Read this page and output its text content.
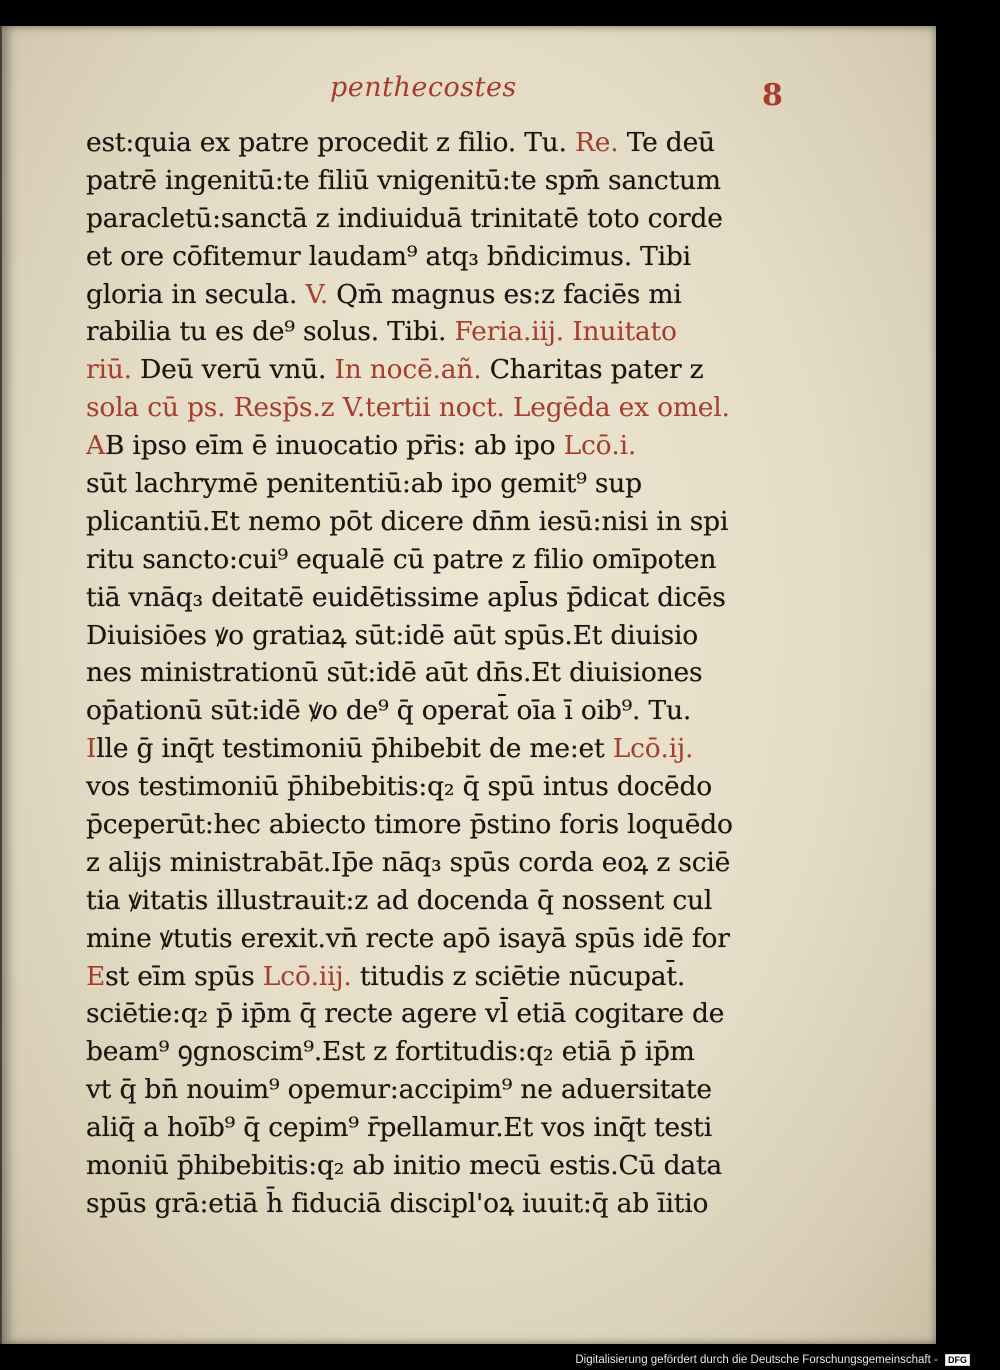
penthecostes	8
est:quia ex patre procedit z filio. Tu. Re. Te deū
patrē ingenitū:te filiū vnigenitū:te spm̄ sanctum
paracletū:sanctā z indiuiduā trinitatē toto corde
et ore cōfitemur laudam⁹ atq₃ bn̄dicimus. Tibi
gloria in secula. V. Qm̄ magnus es:z faciēs mi
rabilia tu es de⁹ solus. Tibi. Feria.iij. Inuitato
riū. Deū verū vnū. In nocē.añ. Charitas pater z
sola cū ps. Resp̄s.z V.tertii noct. Legēda ex omel.
AB ipso eīm ē inuocatio pr̄is: ab ipo Lcō.i.
sūt lachrymē penitentiū:ab ipo gemit⁹ sup
plicantiū.Et nemo pōt dicere dn̄m iesū:nisi in spi
ritu sancto:cui⁹ equalē cū patre z filio omīpoten
tiā vnāq₃ deitatē euidētissime apl̄us p̄dicat dicēs
Diuisiōes ꝟo gratiaꝝ sūt:idē aūt spūs.Et diuisio
nes ministrationū sūt:idē aūt dn̄s.Et diuisiones
op̄ationū sūt:idē ꝟo de⁹ q̄ operat̄ oīa ī oib⁹. Tu.
Ille ḡ inq̄t testimoniū p̄hibebit de me:et Lcō.ij.
vos testimoniū p̄hibebitis:q₂ q̄ spū intus docēdo
p̄ceperūt:hec abiecto timore p̄stino foris loquēdo
z alijs ministrabāt.Ip̄e nāq₃ spūs corda eoꝝ z sciē
tia ꝟitatis illustrauit:z ad docenda q̄ nossent cul
mine ꝟtutis erexit.vn̄ recte apō isayā spūs idē for
Est eīm spūs Lcō.iij. titudis z sciētie nūcupat̄.
sciētie:q₂ p̄ ip̄m q̄ recte agere vl̄ etiā cogitare de
beam⁹ ꝯgnoscim⁹.Est z fortitudis:q₂ etiā p̄ ip̄m
vt q̄ bn̄ nouim⁹ opemur:accipim⁹ ne aduersitate
aliq̄ a hoīb⁹ q̄ cepim⁹ r̄pellamur.Et vos inq̄t testi
moniū p̄hibebitis:q₂ ab initio mecū estis.Cū data
spūs grā:etiā h̄ fiduciā discipl'oꝝ iuuit:q̄ ab īitio
Digitalisierung gefördert durch die Deutsche Forschungsgemeinschaft - DFG
